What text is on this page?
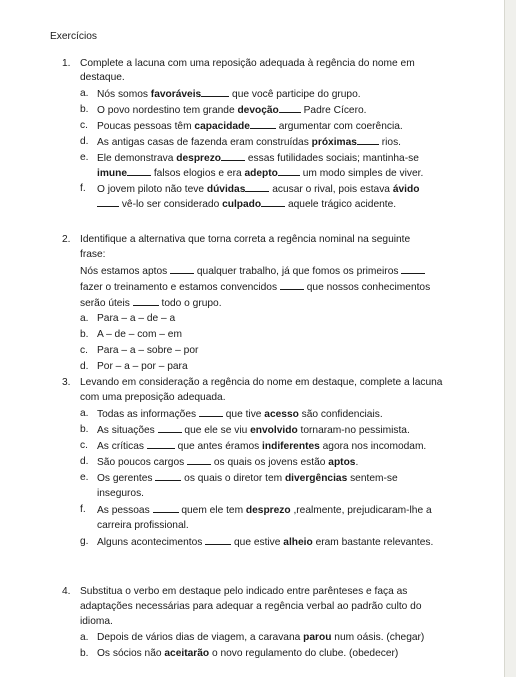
Exercícios
1. Complete a lacuna com uma reposição adequada à regência do nome em
destaque.
a. Nós somos favoráveis	que você participe do grupo.
b. O povo nordestino tem grande devoção Padre Cícero.
c. Poucas pessoas têm capacidade	argumentar com coerência.
d. As antigas casas de fazenda eram construídas próximas rios.
e. Ele demonstrava desprezo essas futilidades sociais; mantinha-se
imune falsos elogios e era adepto um modo simples de viver.
f. O jovem piloto não teve dúvidas acusar o rival, pois estava ávido
vê-lo ser considerado culpado aquele trágico acidente.
2. Identifique a alternativa que torna correta a regência nominal na seguinte
frase:
Nós estamos aptos  qualquer trabalho, já que fomos os primeiros
fazer o treinamento e estamos convencidos  que nossos conhecimentos
serão úteis	todo o grupo.
a. Para – a – de – a
b. A – de – com – em
c. Para – a – sobre – por
d. Por – a – por – para
3. Levando em consideração a regência do nome em destaque, complete a lacuna
com uma preposição adequada.
a. Todas as informações  que tive acesso são confidenciais.
b. As situações  que ele se viu envolvido tornaram-no pessimista.
c. As críticas	que antes éramos indiferentes agora nos incomodam.
d. São poucos cargos  os quais os jovens estão aptos.
e. Os gerentes	os quais o diretor tem divergências sentem-se
inseguros.
f. As pessoas	quem ele tem desprezo ,realmente, prejudicaram-lhe a
carreira profissional.
g. Alguns acontecimentos	que estive alheio eram bastante relevantes.
4. Substitua o verbo em destaque pelo indicado entre parênteses e faça as
adaptações necessárias para adequar a regência verbal ao padrão culto do
idioma.
a. Depois de vários dias de viagem, a caravana parou num oásis. (chegar)
b. Os sócios não aceitarão o novo regulamento do clube. (obedecer)
